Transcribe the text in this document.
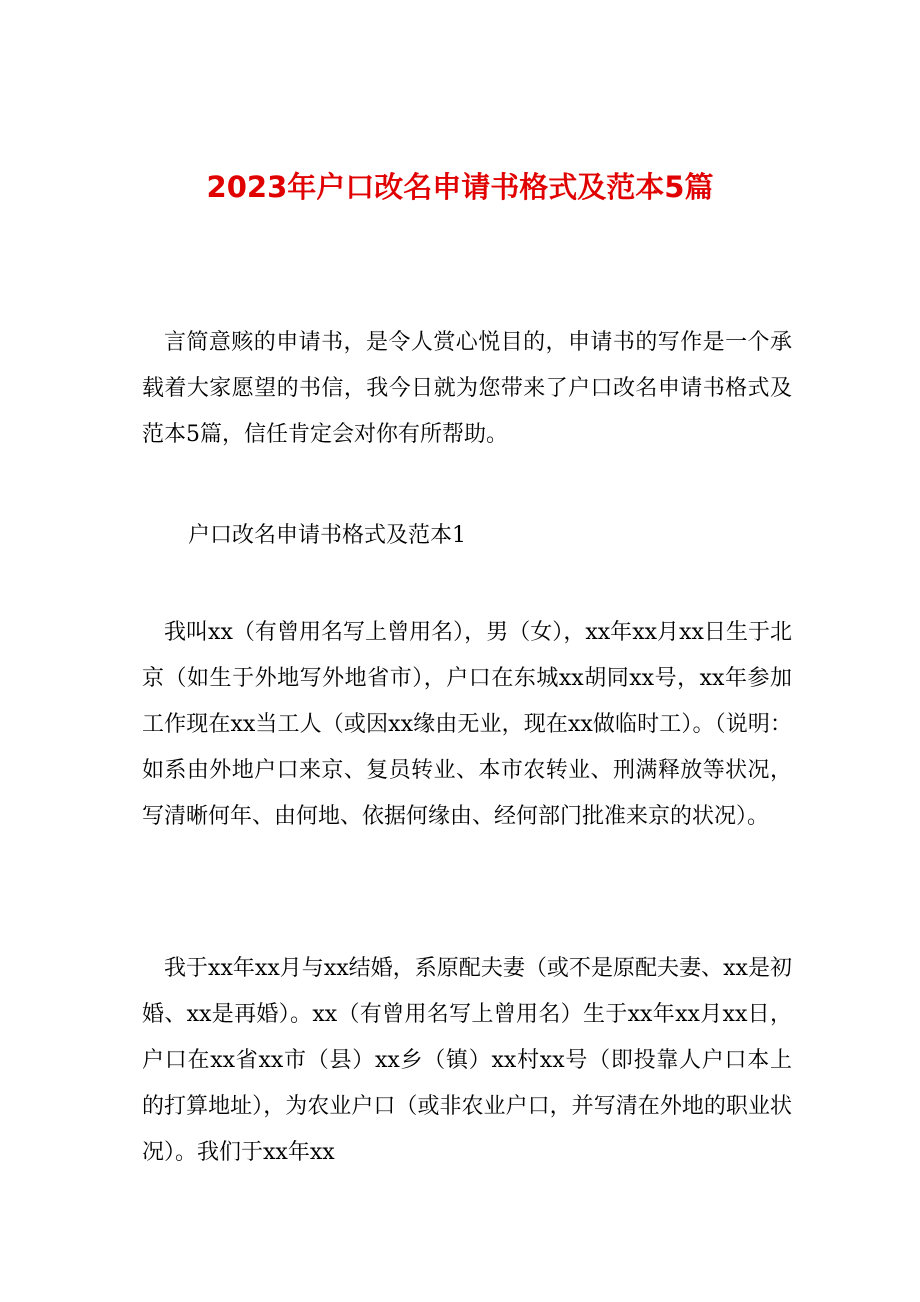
2023年户口改名申请书格式及范本5篇

言简意赅的申请书，是令人赏心悦目的，申请书的写作是一个承载着大家愿望的书信，我今日就为您带来了户口改名申请书格式及范本5篇，信任肯定会对你有所帮助。

户口改名申请书格式及范本1

我叫xx（有曾用名写上曾用名），男（女），xx年xx月xx日生于北京（如生于外地写外地省市），户口在东城xx胡同xx号，xx年参加工作现在xx当工人（或因xx缘由无业，现在xx做临时工）。（说明：如系由外地户口来京、复员转业、本市农转业、刑满释放等状况，写清晰何年、由何地、依据何缘由、经何部门批准来京的状况）。

我于xx年xx月与xx结婚，系原配夫妻（或不是原配夫妻、xx是初婚、xx是再婚）。xx（有曾用名写上曾用名）生于xx年xx月xx日，户口在xx省xx市（县）xx乡（镇）xx村xx号（即投靠人户口本上的打算地址），为农业户口（或非农业户口，并写清在外地的职业状况）。我们于xx年xx
